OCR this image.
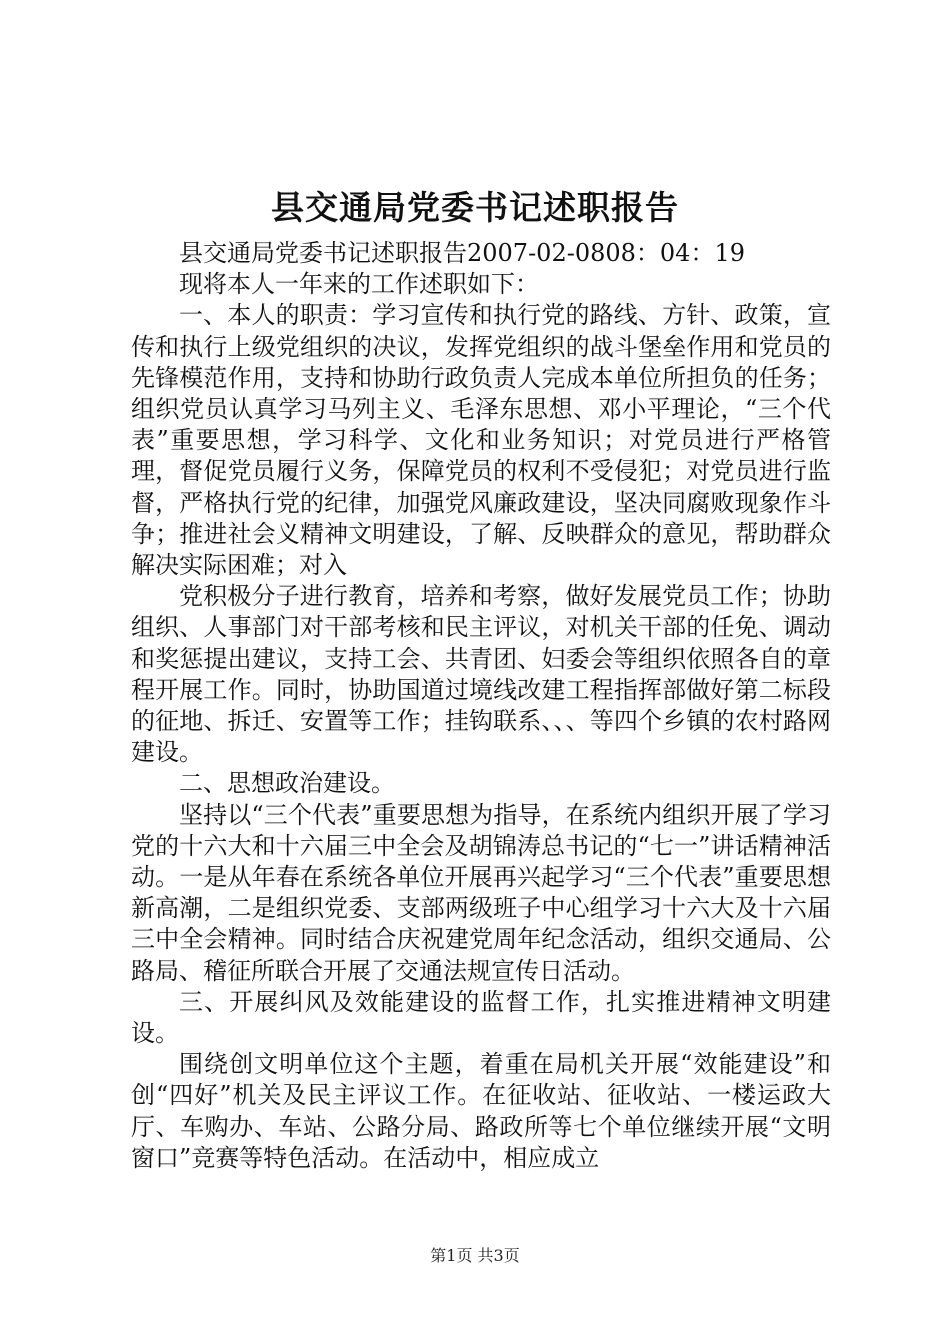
县交通局党委书记述职报告

县交通局党委书记述职报告2007-02-0808：04：19

现将本人一年来的工作述职如下：

一、本人的职责：学习宣传和执行党的路线、方针、政策，宣传和执行上级党组织的决议，发挥党组织的战斗堡垒作用和党员的先锋模范作用，支持和协助行政负责人完成本单位所担负的任务；组织党员认真学习马列主义、毛泽东思想、邓小平理论，“三个代表”重要思想，学习科学、文化和业务知识；对党员进行严格管理，督促党员履行义务，保障党员的权利不受侵犯；对党员进行监督，严格执行党的纪律，加强党风廉政建设，坚决同腐败现象作斗争；推进社会义精神文明建设，了解、反映群众的意见，帮助群众解决实际困难；对入

党积极分子进行教育，培养和考察，做好发展党员工作；协助组织、人事部门对干部考核和民主评议，对机关干部的任免、调动和奖惩提出建议，支持工会、共青团、妇委会等组织依照各自的章程开展工作。同时，协助国道过境线改建工程指挥部做好第二标段的征地、拆迁、安置等工作；挂钩联系、、、等四个乡镇的农村路网建设。

二、思想政治建设。

坚持以“三个代表”重要思想为指导，在系统内组织开展了学习党的十六大和十六届三中全会及胡锦涛总书记的“七一”讲话精神活动。一是从年春在系统各单位开展再兴起学习“三个代表”重要思想新高潮，二是组织党委、支部两级班子中心组学习十六大及十六届三中全会精神。同时结合庆祝建党周年纪念活动，组织交通局、公路局、稽征所联合开展了交通法规宣传日活动。

三、开展纠风及效能建设的监督工作，扎实推进精神文明建设。

围绕创文明单位这个主题，着重在局机关开展“效能建设”和创“四好”机关及民主评议工作。在征收站、征收站、一楼运政大厅、车购办、车站、公路分局、路政所等七个单位继续开展“文明窗口”竞赛等特色活动。在活动中，相应成立

第1页 共3页
